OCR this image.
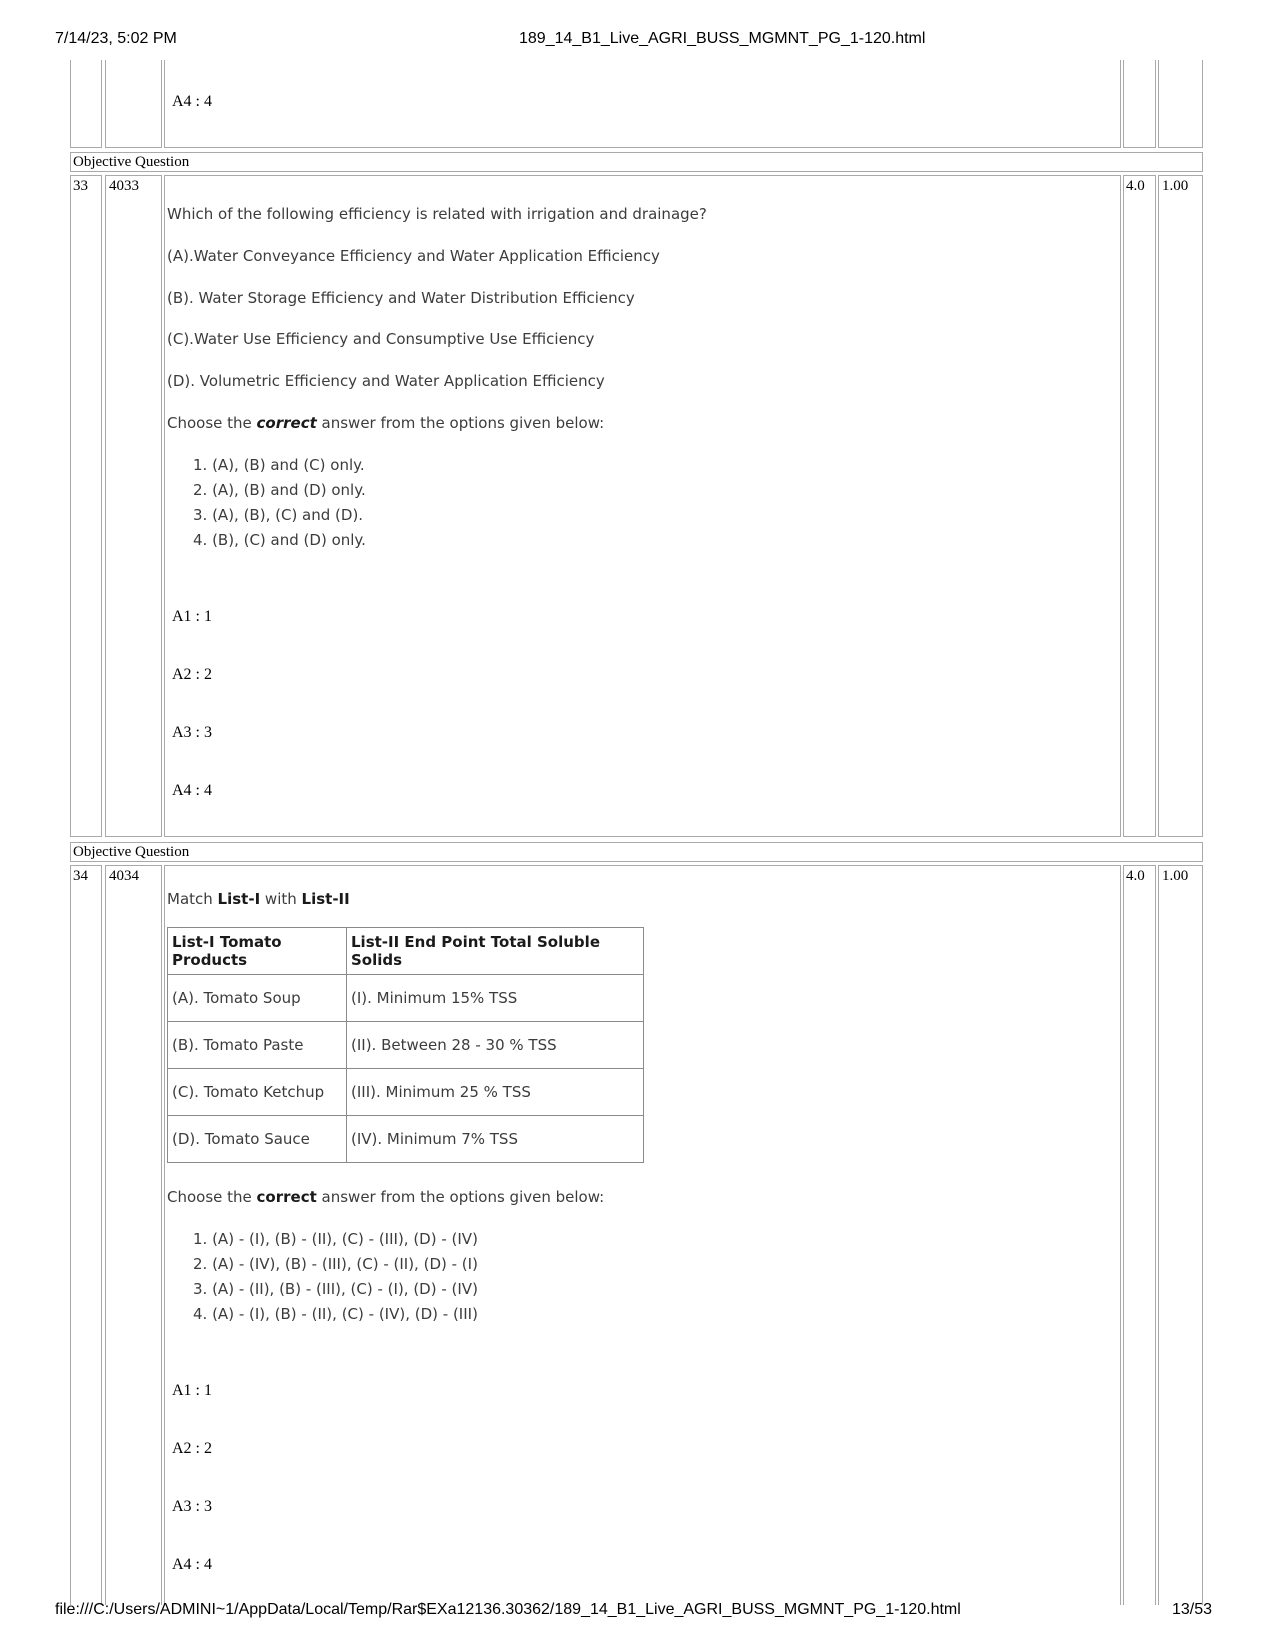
7/14/23, 5:02 PM	189_14_B1_Live_AGRI_BUSS_MGMNT_PG_1-120.html
A4 : 4
Objective Question
33 4033	4.0 1.00
Which of the following efficiency is related with irrigation and drainage?
(A).Water Conveyance Efficiency and Water Application Efficiency
(B). Water Storage Efficiency and Water Distribution Efficiency
(C).Water Use Efficiency and Consumptive Use Efficiency
(D). Volumetric Efficiency and Water Application Efficiency
Choose the correct answer from the options given below:
1. (A), (B) and (C) only.
2. (A), (B) and (D) only.
3. (A), (B), (C) and (D).
4. (B), (C) and (D) only.
A1 : 1
A2 : 2
A3 : 3
A4 : 4
Objective Question
34 4034	4.0 1.00
Match List-I with List-II
List-I Tomato Products	List-II End Point Total Soluble Solids
(A). Tomato Soup	(I). Minimum 15% TSS
(B). Tomato Paste	(II). Between 28 - 30 % TSS
(C). Tomato Ketchup	(III). Minimum 25 % TSS
(D). Tomato Sauce	(IV). Minimum 7% TSS
Choose the correct answer from the options given below:
1. (A) - (I), (B) - (II), (C) - (III), (D) - (IV)
2. (A) - (IV), (B) - (III), (C) - (II), (D) - (I)
3. (A) - (II), (B) - (III), (C) - (I), (D) - (IV)
4. (A) - (I), (B) - (II), (C) - (IV), (D) - (III)
A1 : 1
A2 : 2
A3 : 3
A4 : 4
file:///C:/Users/ADMINI~1/AppData/Local/Temp/Rar$EXa12136.30362/189_14_B1_Live_AGRI_BUSS_MGMNT_PG_1-120.html	13/53
